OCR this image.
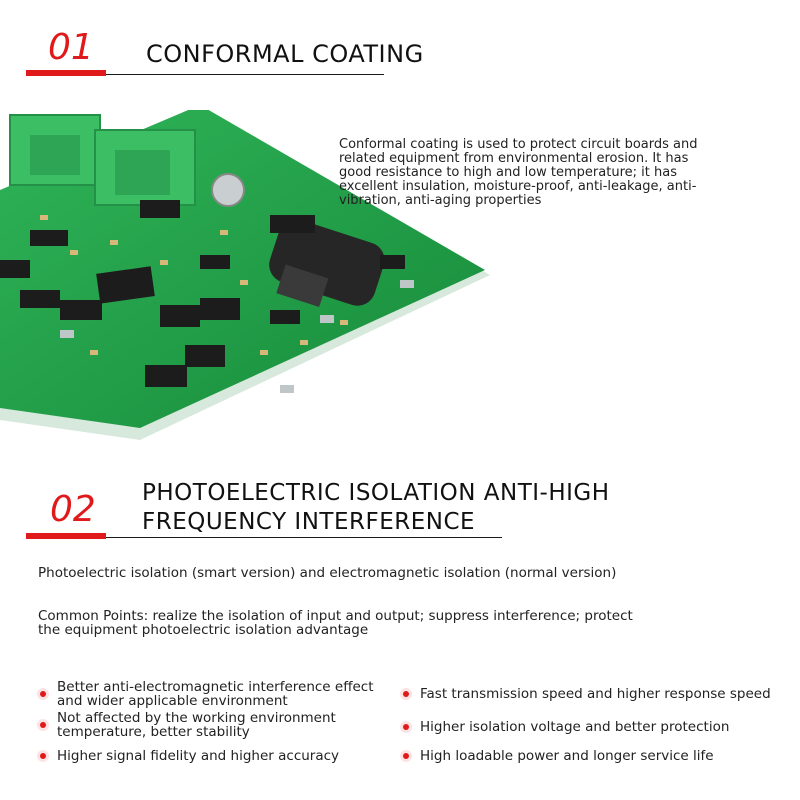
01 CONFORMAL COATING
Conformal coating is used to protect circuit boards and related equipment from environmental erosion. It has good resistance to high and low temperature; it has excellent insulation, moisture-proof, anti-leakage, anti-vibration, anti-aging properties
02 PHOTOELECTRIC ISOLATION ANTI-HIGH
FREQUENCY INTERFERENCE
Photoelectric isolation (smart version) and electromagnetic isolation (normal version)
Common Points: realize the isolation of input and output; suppress interference; protect the equipment photoelectric isolation advantage
Better anti-electromagnetic interference effect and wider applicable environment
Not affected by the working environment temperature, better stability
Higher signal fidelity and higher accuracy
Fast transmission speed and higher response speed
Higher isolation voltage and better protection
High loadable power and longer service life
